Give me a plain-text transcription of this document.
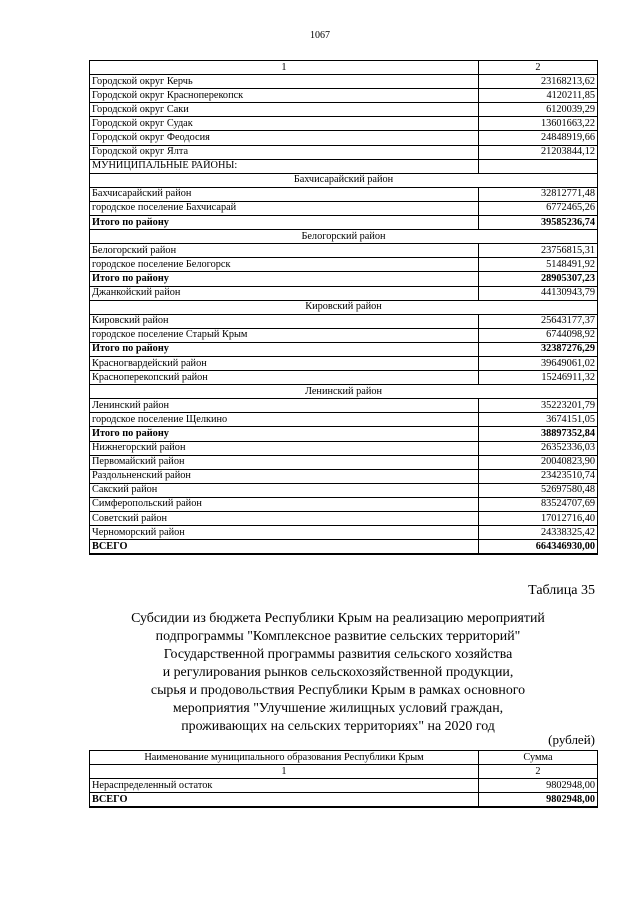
1067
1	2
Городской округ Керчь	23168213,62
Городской округ Красноперекопск	4120211,85
Городской округ Саки	6120039,29
Городской округ Судак	13601663,22
Городской округ Феодосия	24848919,66
Городской округ Ялта	21203844,12
МУНИЦИПАЛЬНЫЕ РАЙОНЫ:	
Бахчисарайский район	
Бахчисарайский район	32812771,48
городское поселение Бахчисарай	6772465,26
Итого по району	39585236,74
Белогорский район	
Белогорский район	23756815,31
городское поселение Белогорск	5148491,92
Итого по району	28905307,23
Джанкойский район	44130943,79
Кировский район	
Кировский район	25643177,37
городское поселение Старый Крым	6744098,92
Итого по району	32387276,29
Красногвардейский район	39649061,02
Красноперекопский район	15246911,32
Ленинский район	
Ленинский район	35223201,79
городское поселение Щелкино	3674151,05
Итого по району	38897352,84
Нижнегорский район	26352336,03
Первомайский район	20040823,90
Раздольненский район	23423510,74
Сакский район	52697580,48
Симферопольский район	83524707,69
Советский район	17012716,40
Черноморский район	24338325,42
ВСЕГО	664346930,00
Таблица 35
Субсидии из бюджета Республики Крым на реализацию мероприятий
подпрограммы "Комплексное развитие сельских территорий"
Государственной программы развития сельского хозяйства
и регулирования рынков сельскохозяйственной продукции,
сырья и продовольствия Республики Крым в рамках основного
мероприятия "Улучшение жилищных условий граждан,
проживающих на сельских территориях" на 2020 год
(рублей)
Наименование муниципального образования Республики Крым	Сумма
1	2
Нераспределенный остаток	9802948,00
ВСЕГО	9802948,00
